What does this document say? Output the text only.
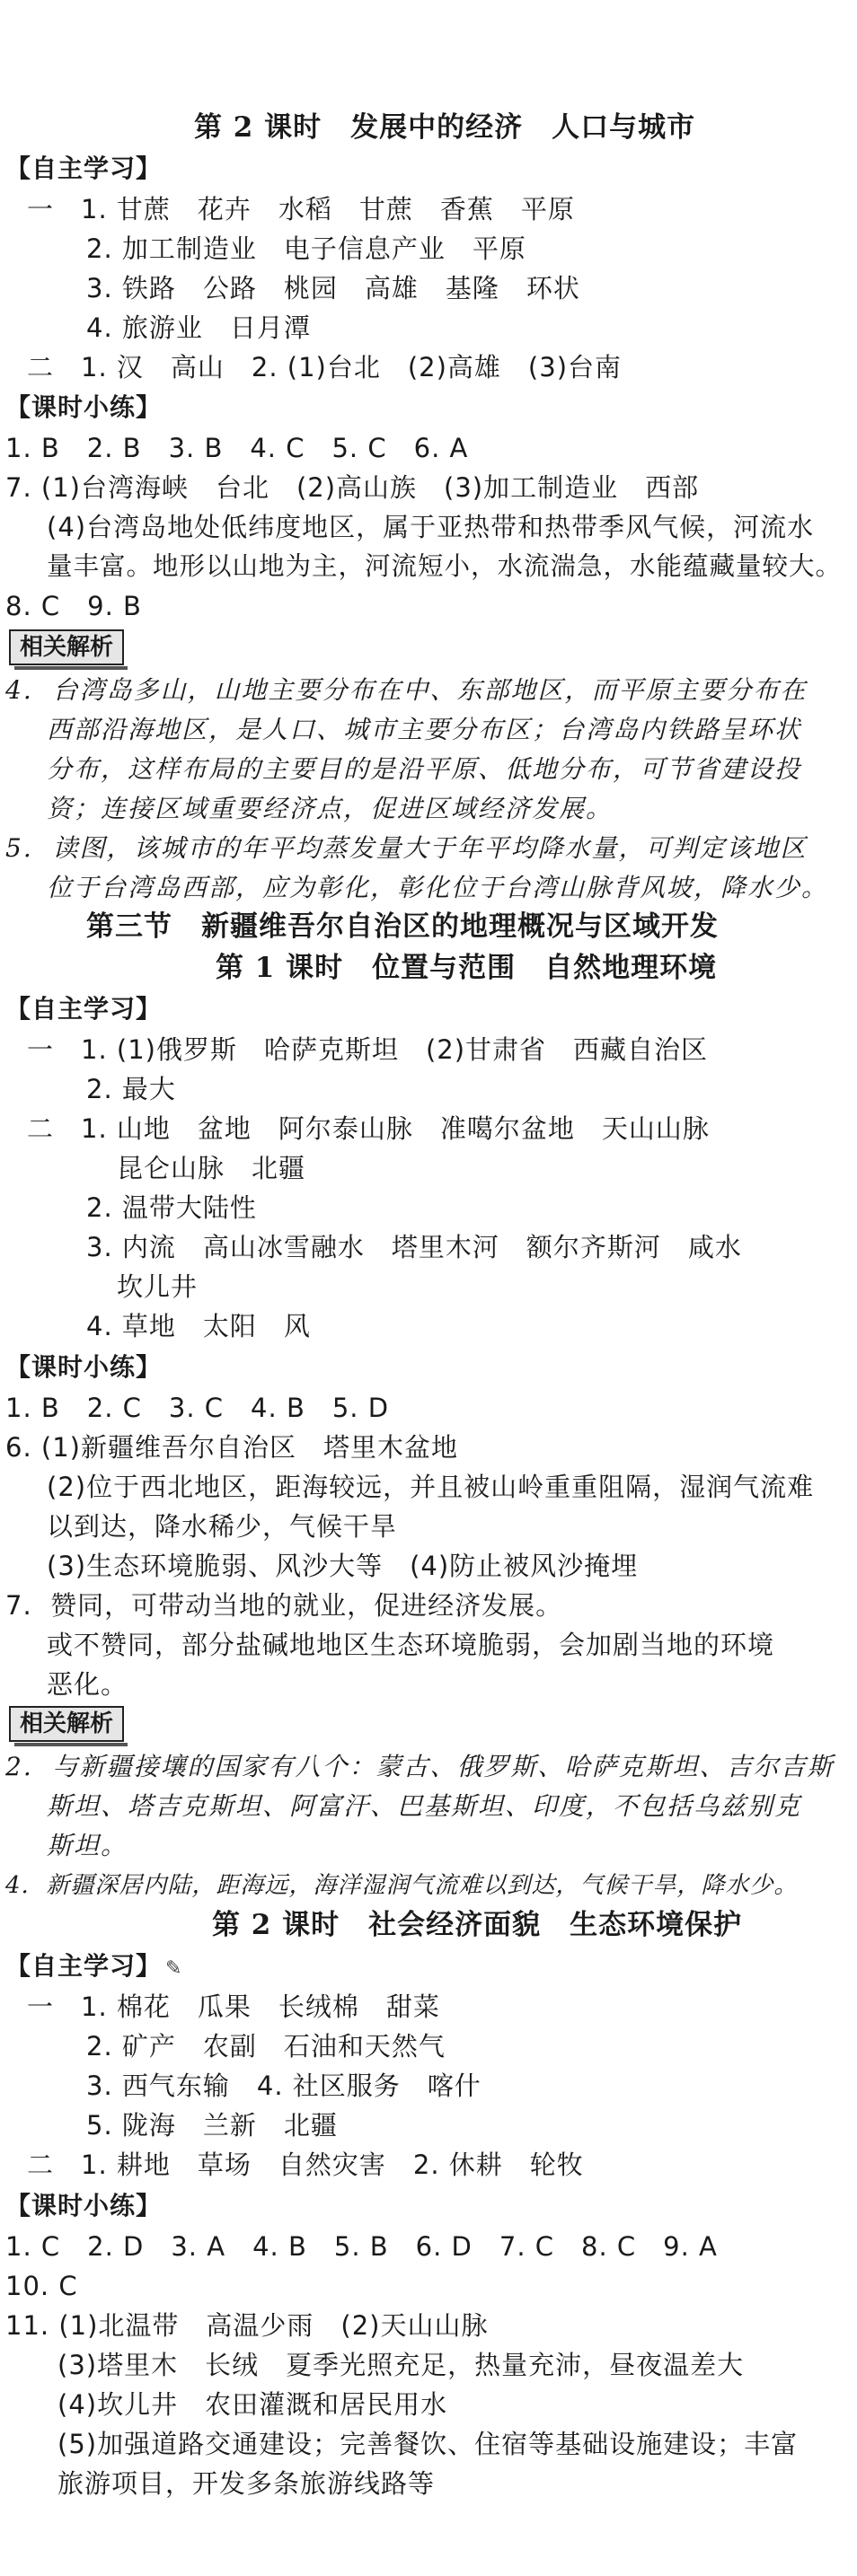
第 2 课时　发展中的经济　人口与城市
【自主学习】
一　1. 甘蔗　花卉　水稻　甘蔗　香蕉　平原
2. 加工制造业　电子信息产业　平原
3. 铁路　公路　桃园　高雄　基隆　环状
4. 旅游业　日月潭
二　1. 汉　高山　2. (1)台北　(2)高雄　(3)台南
【课时小练】
1. B　2. B　3. B　4. C　5. C　6. A
7. (1)台湾海峡　台北　(2)高山族　(3)加工制造业　西部
(4)台湾岛地处低纬度地区，属于亚热带和热带季风气候，河流水
量丰富。地形以山地为主，河流短小，水流湍急，水能蕴藏量较大。
8. C　9. B
相关解析
4.  台湾岛多山，山地主要分布在中、东部地区，而平原主要分布在
西部沿海地区，是人口、城市主要分布区；台湾岛内铁路呈环状
分布，这样布局的主要目的是沿平原、低地分布，可节省建设投
资；连接区域重要经济点，促进区域经济发展。
5.  读图，该城市的年平均蒸发量大于年平均降水量，可判定该地区
位于台湾岛西部，应为彰化，彰化位于台湾山脉背风坡，降水少。
第三节　新疆维吾尔自治区的地理概况与区域开发
第 1 课时　位置与范围　自然地理环境
【自主学习】
一　1. (1)俄罗斯　哈萨克斯坦　(2)甘肃省　西藏自治区
2. 最大
二　1. 山地　盆地　阿尔泰山脉　准噶尔盆地　天山山脉
昆仑山脉　北疆
2. 温带大陆性
3. 内流　高山冰雪融水　塔里木河　额尔齐斯河　咸水
坎儿井
4. 草地　太阳　风
【课时小练】
1. B　2. C　3. C　4. B　5. D
6. (1)新疆维吾尔自治区　塔里木盆地
(2)位于西北地区，距海较远，并且被山岭重重阻隔，湿润气流难
以到达，降水稀少，气候干旱
(3)生态环境脆弱、风沙大等　(4)防止被风沙掩埋
7.  赞同，可带动当地的就业，促进经济发展。
或不赞同，部分盐碱地地区生态环境脆弱，会加剧当地的环境
恶化。
相关解析
2.  与新疆接壤的国家有八个：蒙古、俄罗斯、哈萨克斯坦、吉尔吉斯
斯坦、塔吉克斯坦、阿富汗、巴基斯坦、印度，不包括乌兹别克
斯坦。
4.  新疆深居内陆，距海远，海洋湿润气流难以到达，气候干旱，降水少。
第 2 课时　社会经济面貌　生态环境保护
【自主学习】 ✎
一　1. 棉花　瓜果　长绒棉　甜菜
2. 矿产　农副　石油和天然气
3. 西气东输　4. 社区服务　喀什
5. 陇海　兰新　北疆
二　1. 耕地　草场　自然灾害　2. 休耕　轮牧
【课时小练】
1. C　2. D　3. A　4. B　5. B　6. D　7. C　8. C　9. A
10. C
11. (1)北温带　高温少雨　(2)天山山脉
(3)塔里木　长绒　夏季光照充足，热量充沛，昼夜温差大
(4)坎儿井　农田灌溉和居民用水
(5)加强道路交通建设；完善餐饮、住宿等基础设施建设；丰富
旅游项目，开发多条旅游线路等
